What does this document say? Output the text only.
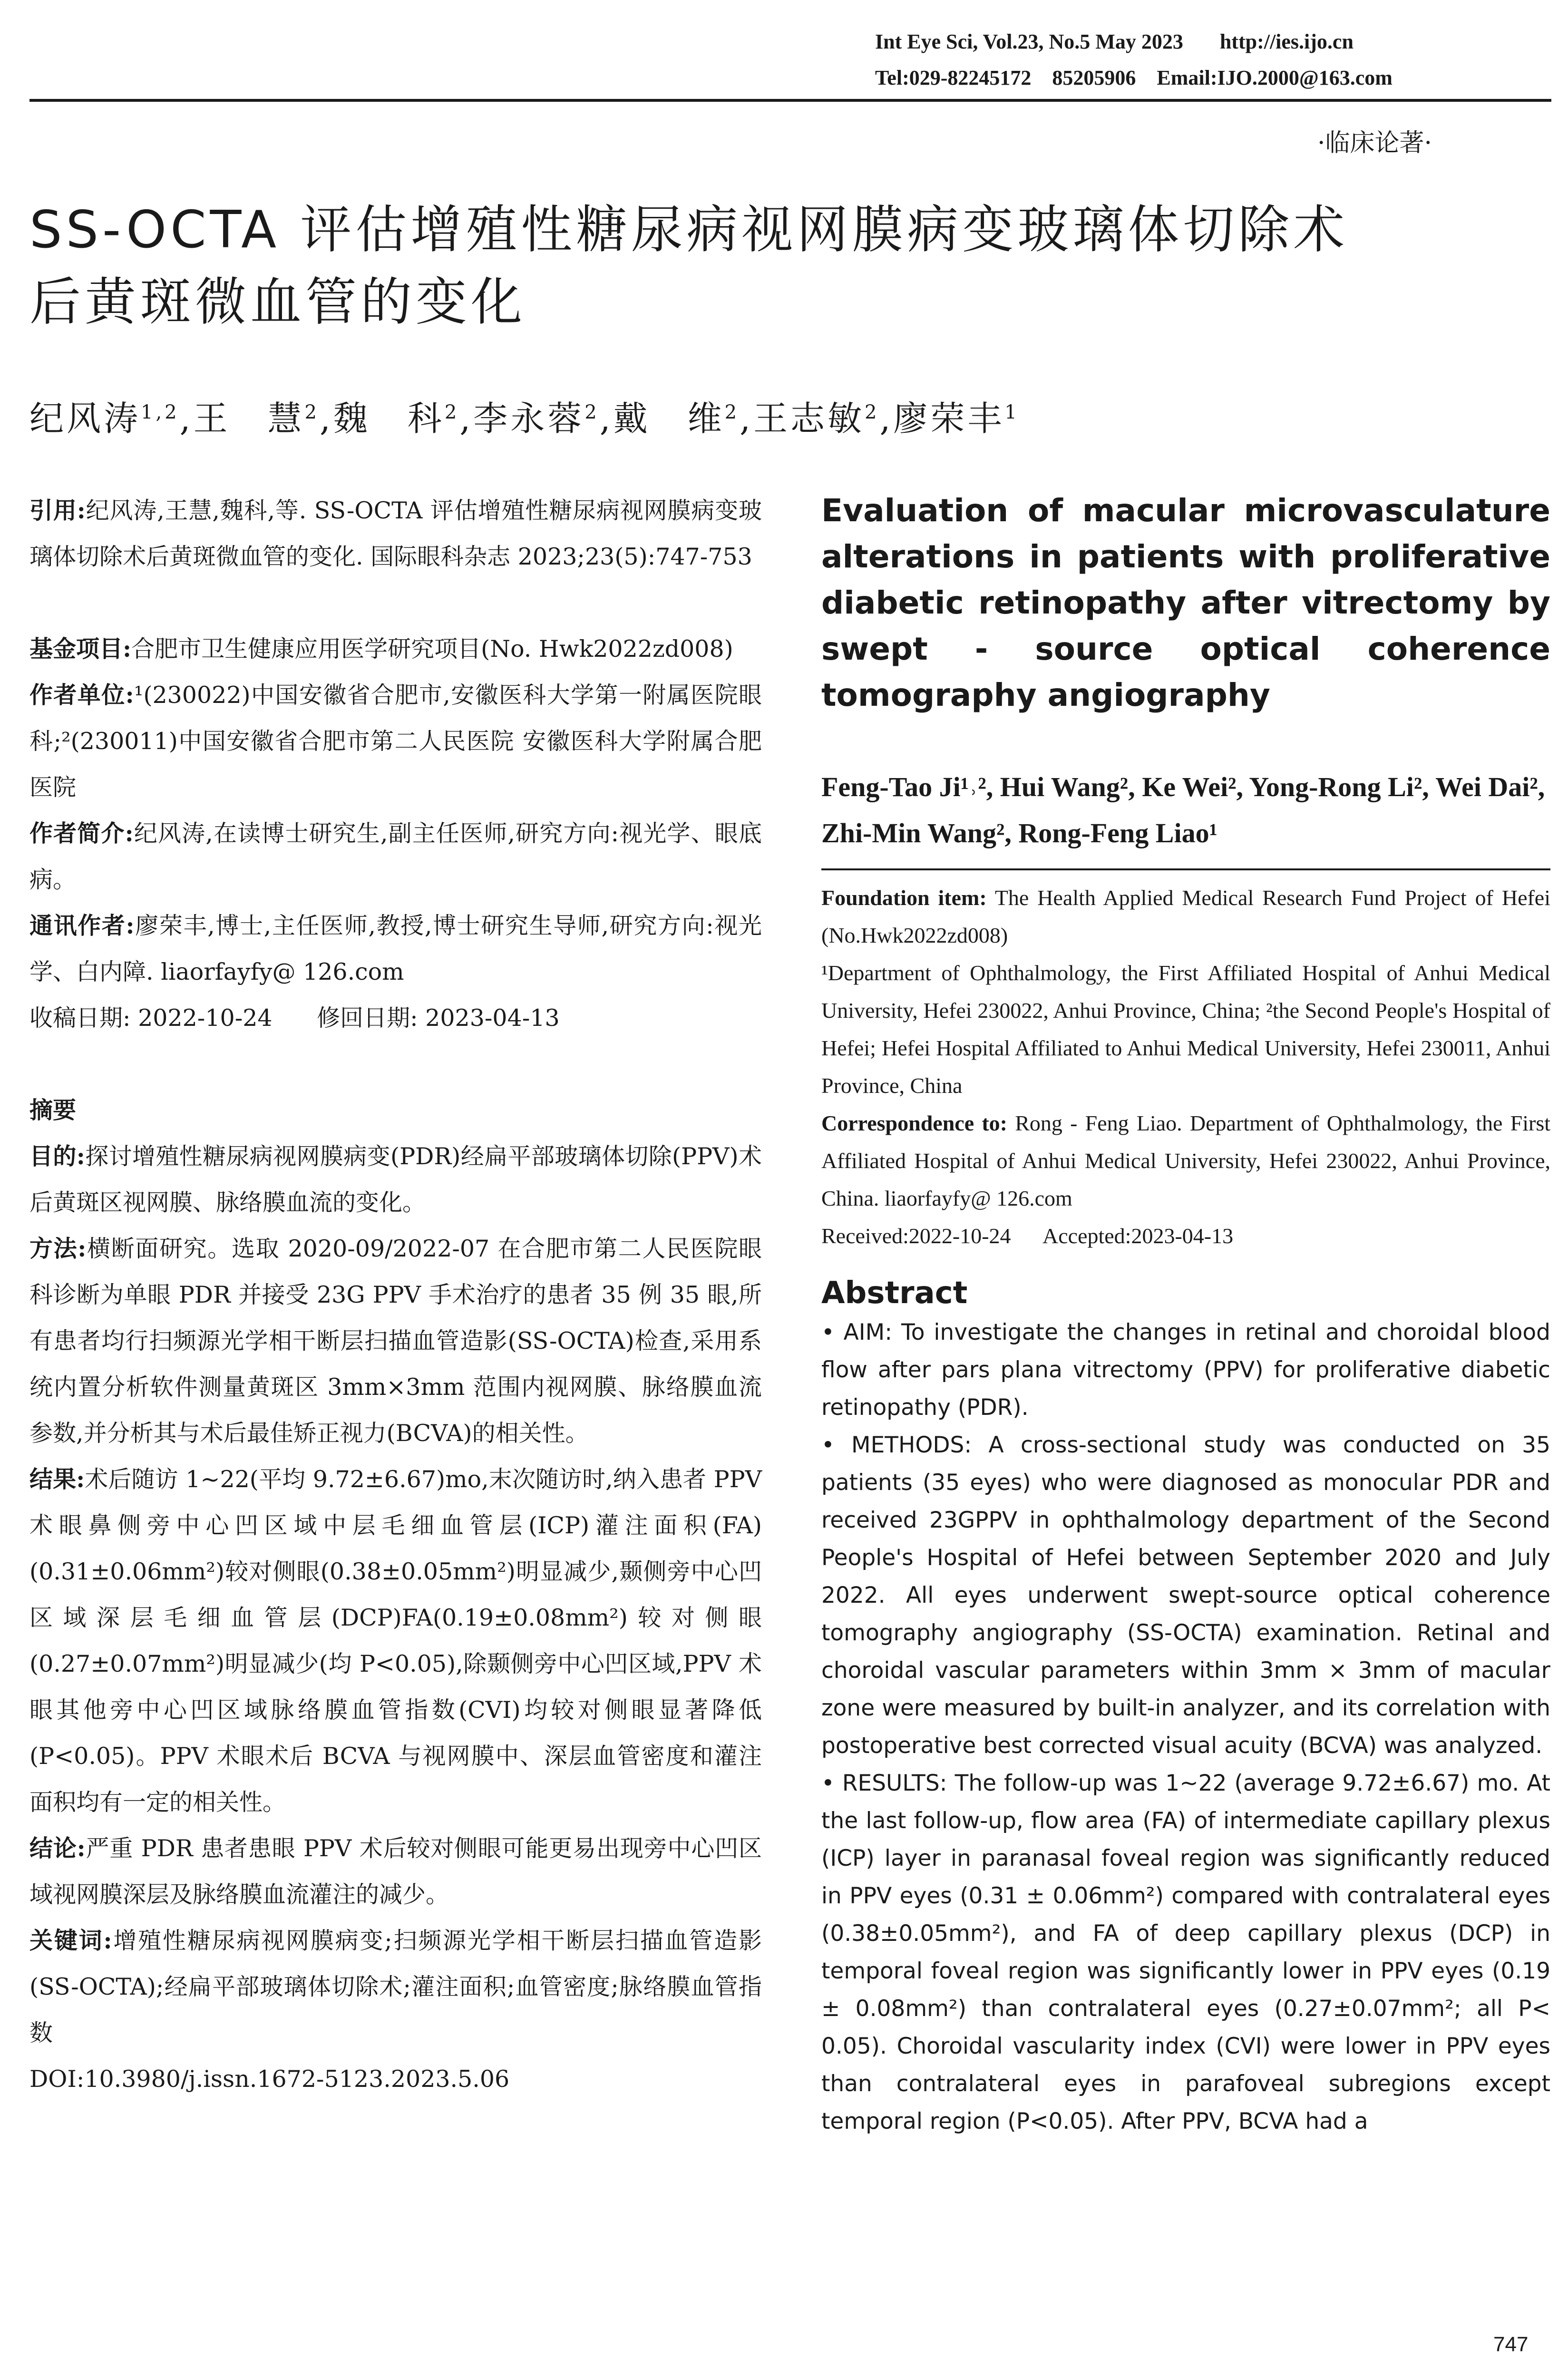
Int Eye Sci, Vol.23, No.5 May 2023       http://ies.ijo.cn
Tel:029-82245172    85205906    Email:IJO.2000@163.com
·临床论著·
SS-OCTA 评估增殖性糖尿病视网膜病变玻璃体切除术
后黄斑微血管的变化
纪风涛$^{1,2}$,王　慧$^2$,魏　科$^2$,李永蓉$^2$,戴　维$^2$,王志敏$^2$,廖荣丰$^1$

引用:纪风涛,王慧,魏科,等. SS-OCTA 评估增殖性糖尿病视网膜病变玻璃体切除术后黄斑微血管的变化. 国际眼科杂志 2023;23(5):747-753

基金项目:合肥市卫生健康应用医学研究项目(No. Hwk2022zd008)

作者单位:¹(230022)中国安徽省合肥市,安徽医科大学第一附属医院眼科;²(230011)中国安徽省合肥市第二人民医院 安徽医科大学附属合肥医院

作者简介:纪风涛,在读博士研究生,副主任医师,研究方向:视光学、眼底病。

通讯作者:廖荣丰,博士,主任医师,教授,博士研究生导师,研究方向:视光学、白内障. liaorfayfy@ 126.com

收稿日期: 2022-10-24 修回日期: 2023-04-13

摘要

目的:探讨增殖性糖尿病视网膜病变(PDR)经扁平部玻璃体切除(PPV)术后黄斑区视网膜、脉络膜血流的变化。

方法:横断面研究。选取 2020-09/2022-07 在合肥市第二人民医院眼科诊断为单眼 PDR 并接受 23G PPV 手术治疗的患者 35 例 35 眼,所有患者均行扫频源光学相干断层扫描血管造影(SS-OCTA)检查,采用系统内置分析软件测量黄斑区 3mm×3mm 范围内视网膜、脉络膜血流参数,并分析其与术后最佳矫正视力(BCVA)的相关性。

结果:术后随访 1~22(平均 9.72±6.67)mo,末次随访时,纳入患者 PPV 术眼鼻侧旁中心凹区域中层毛细血管层(ICP)灌注面积(FA)(0.31±0.06mm²)较对侧眼(0.38±0.05mm²)明显减少,颞侧旁中心凹区域深层毛细血管层(DCP)FA(0.19±0.08mm²)较对侧眼(0.27±0.07mm²)明显减少(均 P<0.05),除颞侧旁中心凹区域,PPV 术眼其他旁中心凹区域脉络膜血管指数(CVI)均较对侧眼显著降低(P<0.05)。PPV 术眼术后 BCVA 与视网膜中、深层血管密度和灌注面积均有一定的相关性。

结论:严重 PDR 患者患眼 PPV 术后较对侧眼可能更易出现旁中心凹区域视网膜深层及脉络膜血流灌注的减少。

关键词:增殖性糖尿病视网膜病变;扫频源光学相干断层扫描血管造影(SS-OCTA);经扁平部玻璃体切除术;灌注面积;血管密度;脉络膜血管指数

DOI:10.3980/j.issn.1672-5123.2023.5.06

Evaluation of macular microvasculature alterations in patients with proliferative diabetic retinopathy after vitrectomy by swept - source optical coherence tomography angiography

Feng-Tao Ji¹˒², Hui Wang², Ke Wei², Yong-Rong Li², Wei Dai², Zhi-Min Wang², Rong-Feng Liao¹

Foundation item: The Health Applied Medical Research Fund Project of Hefei (No.Hwk2022zd008)

¹Department of Ophthalmology, the First Affiliated Hospital of Anhui Medical University, Hefei 230022, Anhui Province, China; ²the Second People's Hospital of Hefei; Hefei Hospital Affiliated to Anhui Medical University, Hefei 230011, Anhui Province, China

Correspondence to: Rong - Feng Liao. Department of Ophthalmology, the First Affiliated Hospital of Anhui Medical University, Hefei 230022, Anhui Province, China. liaorfayfy@ 126.com

Received:2022-10-24 Accepted:2023-04-13

Abstract

• AIM: To investigate the changes in retinal and choroidal blood flow after pars plana vitrectomy (PPV) for proliferative diabetic retinopathy (PDR).

• METHODS: A cross-sectional study was conducted on 35 patients (35 eyes) who were diagnosed as monocular PDR and received 23GPPV in ophthalmology department of the Second People's Hospital of Hefei between September 2020 and July 2022. All eyes underwent swept-source optical coherence tomography angiography (SS-OCTA) examination. Retinal and choroidal vascular parameters within 3mm × 3mm of macular zone were measured by built-in analyzer, and its correlation with postoperative best corrected visual acuity (BCVA) was analyzed.

• RESULTS: The follow-up was 1~22 (average 9.72±6.67) mo. At the last follow-up, flow area (FA) of intermediate capillary plexus (ICP) layer in paranasal foveal region was significantly reduced in PPV eyes (0.31 ± 0.06mm²) compared with contralateral eyes (0.38±0.05mm²), and FA of deep capillary plexus (DCP) in temporal foveal region was significantly lower in PPV eyes (0.19 ± 0.08mm²) than contralateral eyes (0.27±0.07mm²; all P< 0.05). Choroidal vascularity index (CVI) were lower in PPV eyes than contralateral eyes in parafoveal subregions except temporal region (P<0.05). After PPV, BCVA had a

747
